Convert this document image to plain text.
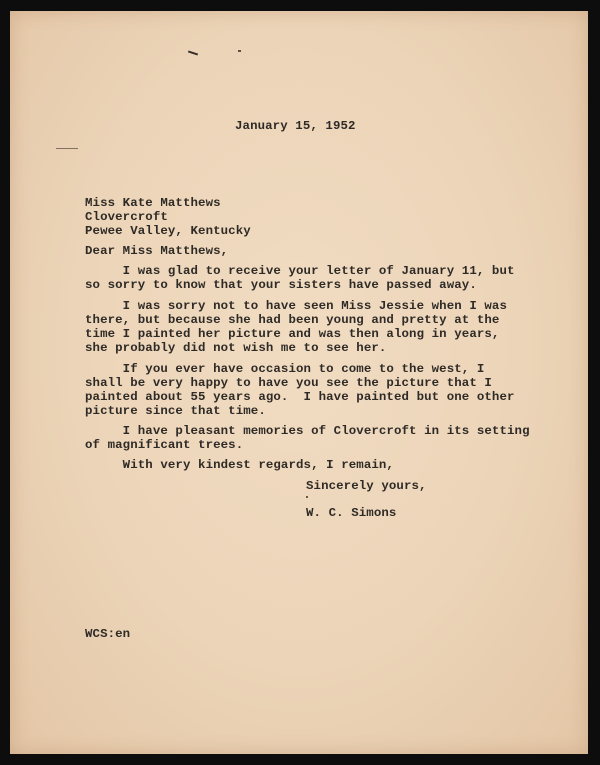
January 15, 1952
Miss Kate Matthews
Clovercroft
Pewee Valley, Kentucky
Dear Miss Matthews,
I was glad to receive your letter of January 11, but
so sorry to know that your sisters have passed away.
I was sorry not to have seen Miss Jessie when I was
there, but because she had been young and pretty at the
time I painted her picture and was then along in years,
she probably did not wish me to see her.
If you ever have occasion to come to the west, I
shall be very happy to have you see the picture that I
painted about 55 years ago.  I have painted but one other
picture since that time.
I have pleasant memories of Clovercroft in its setting
of magnificant trees.
With very kindest regards, I remain,
Sincerely yours,
W. C. Simons
WCS:en
